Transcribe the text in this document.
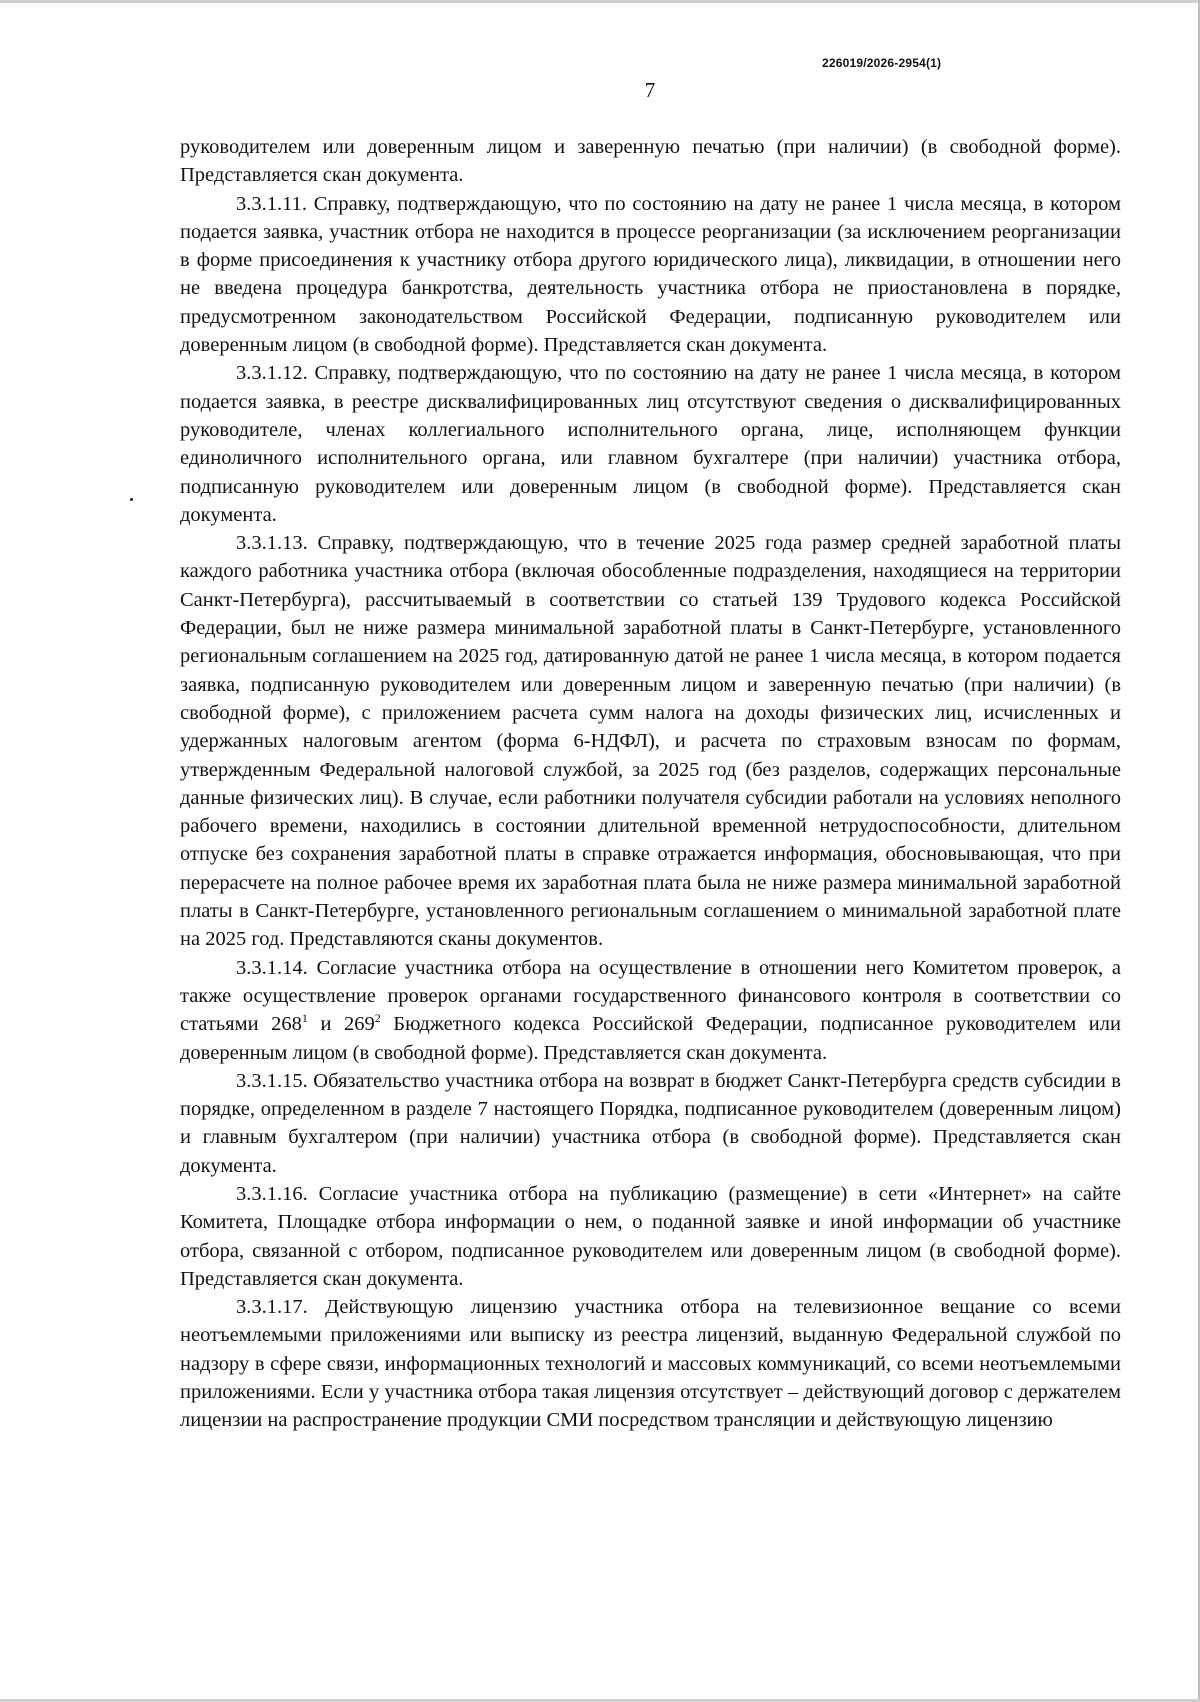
226019/2026-2954(1)
7

руководителем или доверенным лицом и заверенную печатью (при наличии) (в свободной форме). Представляется скан документа.

3.3.1.11. Справку, подтверждающую, что по состоянию на дату не ранее 1 числа месяца, в котором подается заявка, участник отбора не находится в процессе реорганизации (за исключением реорганизации в форме присоединения к участнику отбора другого юридического лица), ликвидации, в отношении него не введена процедура банкротства, деятельность участника отбора не приостановлена в порядке, предусмотренном законодательством Российской Федерации, подписанную руководителем или доверенным лицом (в свободной форме). Представляется скан документа.

3.3.1.12. Справку, подтверждающую, что по состоянию на дату не ранее 1 числа месяца, в котором подается заявка, в реестре дисквалифицированных лиц отсутствуют сведения о дисквалифицированных руководителе, членах коллегиального исполнительного органа, лице, исполняющем функции единоличного исполнительного органа, или главном бухгалтере (при наличии) участника отбора, подписанную руководителем или доверенным лицом (в свободной форме). Представляется скан документа.

3.3.1.13. Справку, подтверждающую, что в течение 2025 года размер средней заработной платы каждого работника участника отбора (включая обособленные подразделения, находящиеся на территории Санкт-Петербурга), рассчитываемый в соответствии со статьей 139 Трудового кодекса Российской Федерации, был не ниже размера минимальной заработной платы в Санкт-Петербурге, установленного региональным соглашением на 2025 год, датированную датой не ранее 1 числа месяца, в котором подается заявка, подписанную руководителем или доверенным лицом и заверенную печатью (при наличии) (в свободной форме), с приложением расчета сумм налога на доходы физических лиц, исчисленных и удержанных налоговым агентом (форма 6-НДФЛ), и расчета по страховым взносам по формам, утвержденным Федеральной налоговой службой, за 2025 год (без разделов, содержащих персональные данные физических лиц). В случае, если работники получателя субсидии работали на условиях неполного рабочего времени, находились в состоянии длительной временной нетрудоспособности, длительном отпуске без сохранения заработной платы в справке отражается информация, обосновывающая, что при перерасчете на полное рабочее время их заработная плата была не ниже размера минимальной заработной платы в Санкт-Петербурге, установленного региональным соглашением о минимальной заработной плате на 2025 год. Представляются сканы документов.

3.3.1.14. Согласие участника отбора на осуществление в отношении него Комитетом проверок, а также осуществление проверок органами государственного финансового контроля в соответствии со статьями $268^1$ и $269^2$ Бюджетного кодекса Российской Федерации, подписанное руководителем или доверенным лицом (в свободной форме). Представляется скан документа.

3.3.1.15. Обязательство участника отбора на возврат в бюджет Санкт-Петербурга средств субсидии в порядке, определенном в разделе 7 настоящего Порядка, подписанное руководителем (доверенным лицом) и главным бухгалтером (при наличии) участника отбора (в свободной форме). Представляется скан документа.

3.3.1.16. Согласие участника отбора на публикацию (размещение) в сети «Интернет» на сайте Комитета, Площадке отбора информации о нем, о поданной заявке и иной информации об участнике отбора, связанной с отбором, подписанное руководителем или доверенным лицом (в свободной форме). Представляется скан документа.

3.3.1.17. Действующую лицензию участника отбора на телевизионное вещание со всеми неотъемлемыми приложениями или выписку из реестра лицензий, выданную Федеральной службой по надзору в сфере связи, информационных технологий и массовых коммуникаций, со всеми неотъемлемыми приложениями. Если у участника отбора такая лицензия отсутствует – действующий договор с держателем лицензии на распространение продукции СМИ посредством трансляции и действующую лицензию
